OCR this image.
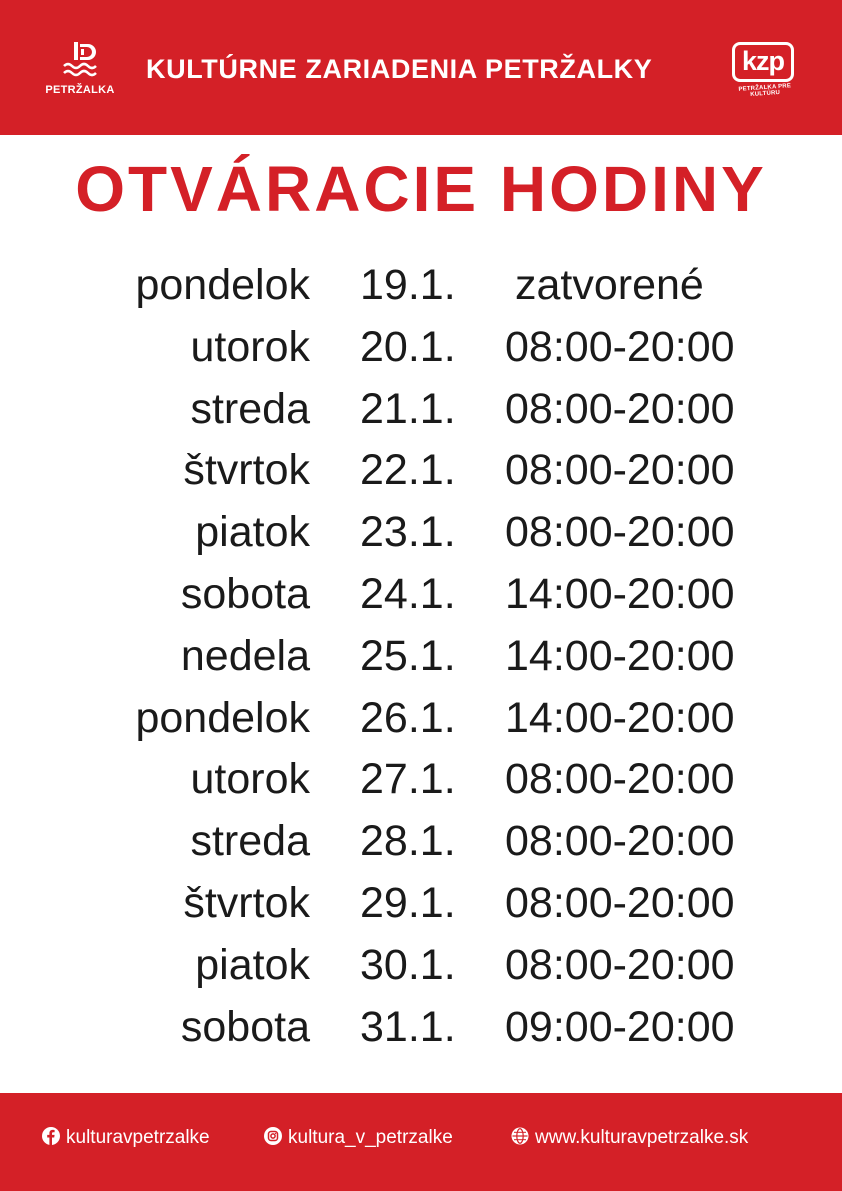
PETRŽALKA
KULTÚRNE ZARIADENIA PETRŽALKY	kzp
PETRŽALKA PRE KULTÚRU
OTVÁRACIE HODINY
pondelok 19.1. zatvorené
utorok 20.1. 08:00-20:00
streda 21.1. 08:00-20:00
štvrtok 22.1. 08:00-20:00
piatok 23.1. 08:00-20:00
sobota 24.1. 14:00-20:00
nedela 25.1. 14:00-20:00
pondelok 26.1. 14:00-20:00
utorok 27.1. 08:00-20:00
streda 28.1. 08:00-20:00
štvrtok 29.1. 08:00-20:00
piatok 30.1. 08:00-20:00
sobota 31.1. 09:00-20:00
kulturavpetrzalke	kultura_v_petrzalke	www.kulturavpetrzalke.sk
